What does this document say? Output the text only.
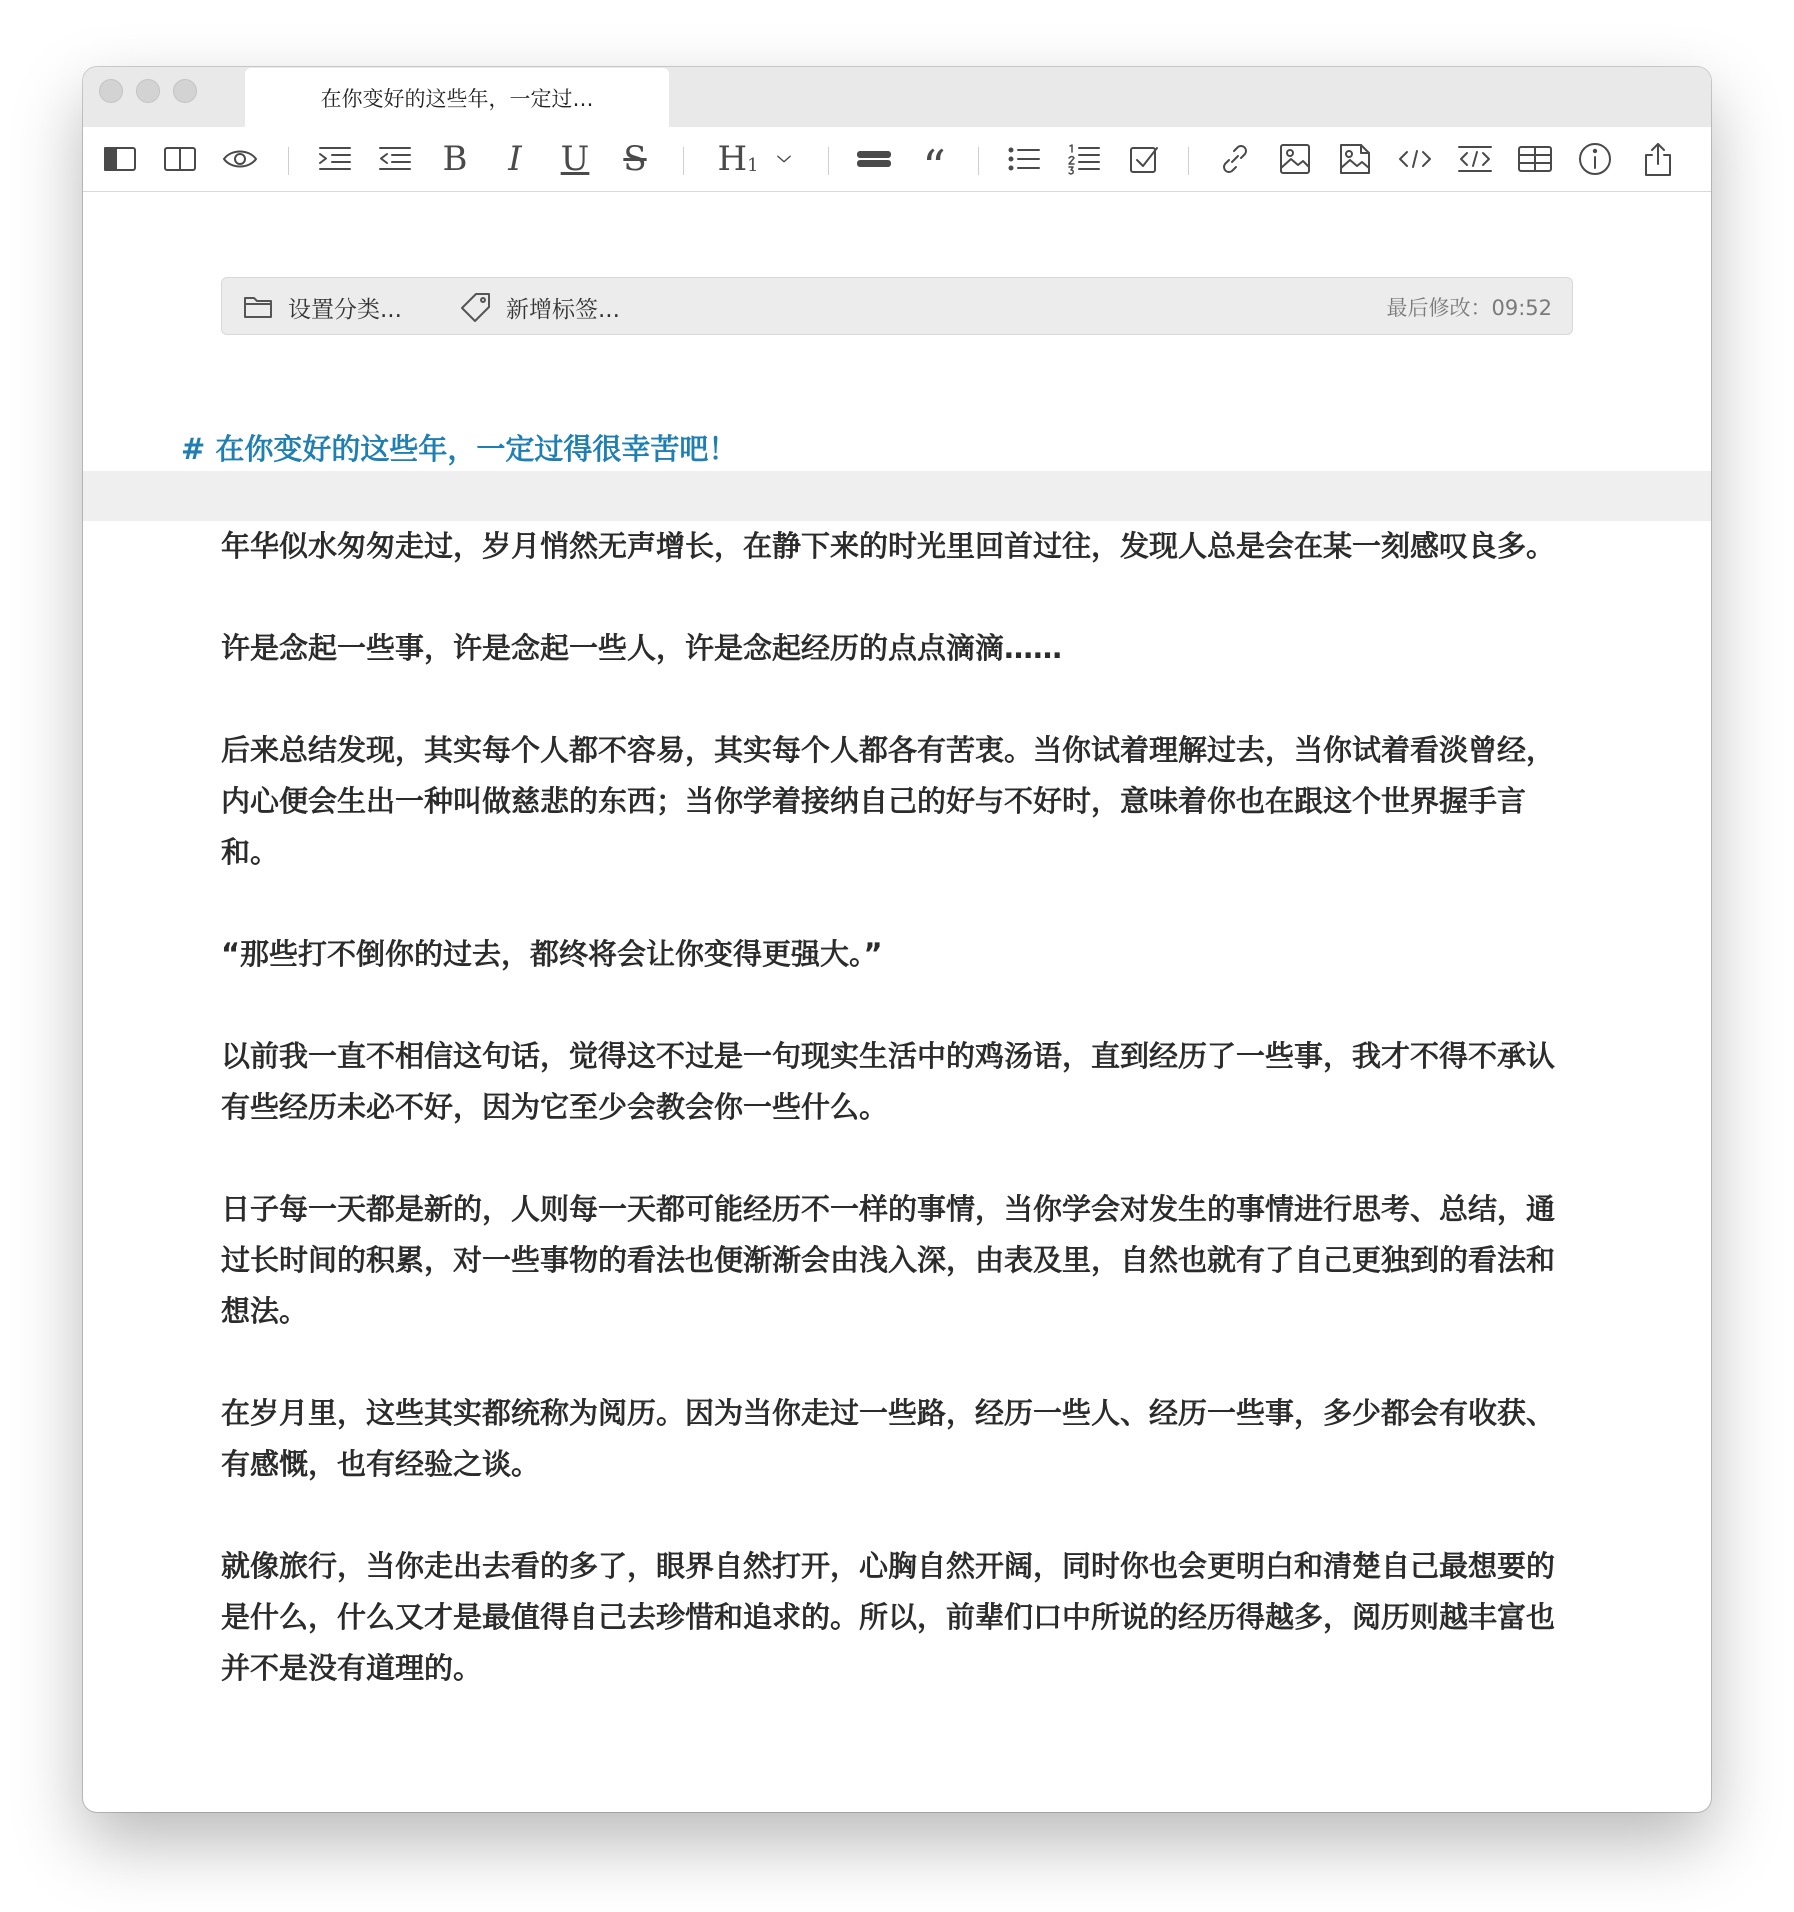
在你变好的这些年，一定过…
B I U S H 1	“
设置分类...	新增标签...	最后修改：09:52
# 在你变好的这些年，一定过得很幸苦吧！

年华似水匆匆走过，岁月悄然无声增长，在静下来的时光里回首过往，发现人总是会在某一刻感叹良多。

许是念起一些事，许是念起一些人，许是念起经历的点点滴滴……

后来总结发现，其实每个人都不容易，其实每个人都各有苦衷。当你试着理解过去，当你试着看淡曾经，内心便会生出一种叫做慈悲的东西；当你学着接纳自己的好与不好时，意味着你也在跟这个世界握手言和。

“那些打不倒你的过去，都终将会让你变得更强大。”

以前我一直不相信这句话，觉得这不过是一句现实生活中的鸡汤语，直到经历了一些事，我才不得不承认有些经历未必不好，因为它至少会教会你一些什么。

日子每一天都是新的，人则每一天都可能经历不一样的事情，当你学会对发生的事情进行思考、总结，通过长时间的积累，对一些事物的看法也便渐渐会由浅入深，由表及里，自然也就有了自己更独到的看法和想法。

在岁月里，这些其实都统称为阅历。因为当你走过一些路，经历一些人、经历一些事，多少都会有收获、有感慨，也有经验之谈。

就像旅行，当你走出去看的多了，眼界自然打开，心胸自然开阔，同时你也会更明白和清楚自己最想要的是什么，什么又才是最值得自己去珍惜和追求的。所以，前辈们口中所说的经历得越多，阅历则越丰富也并不是没有道理的。
